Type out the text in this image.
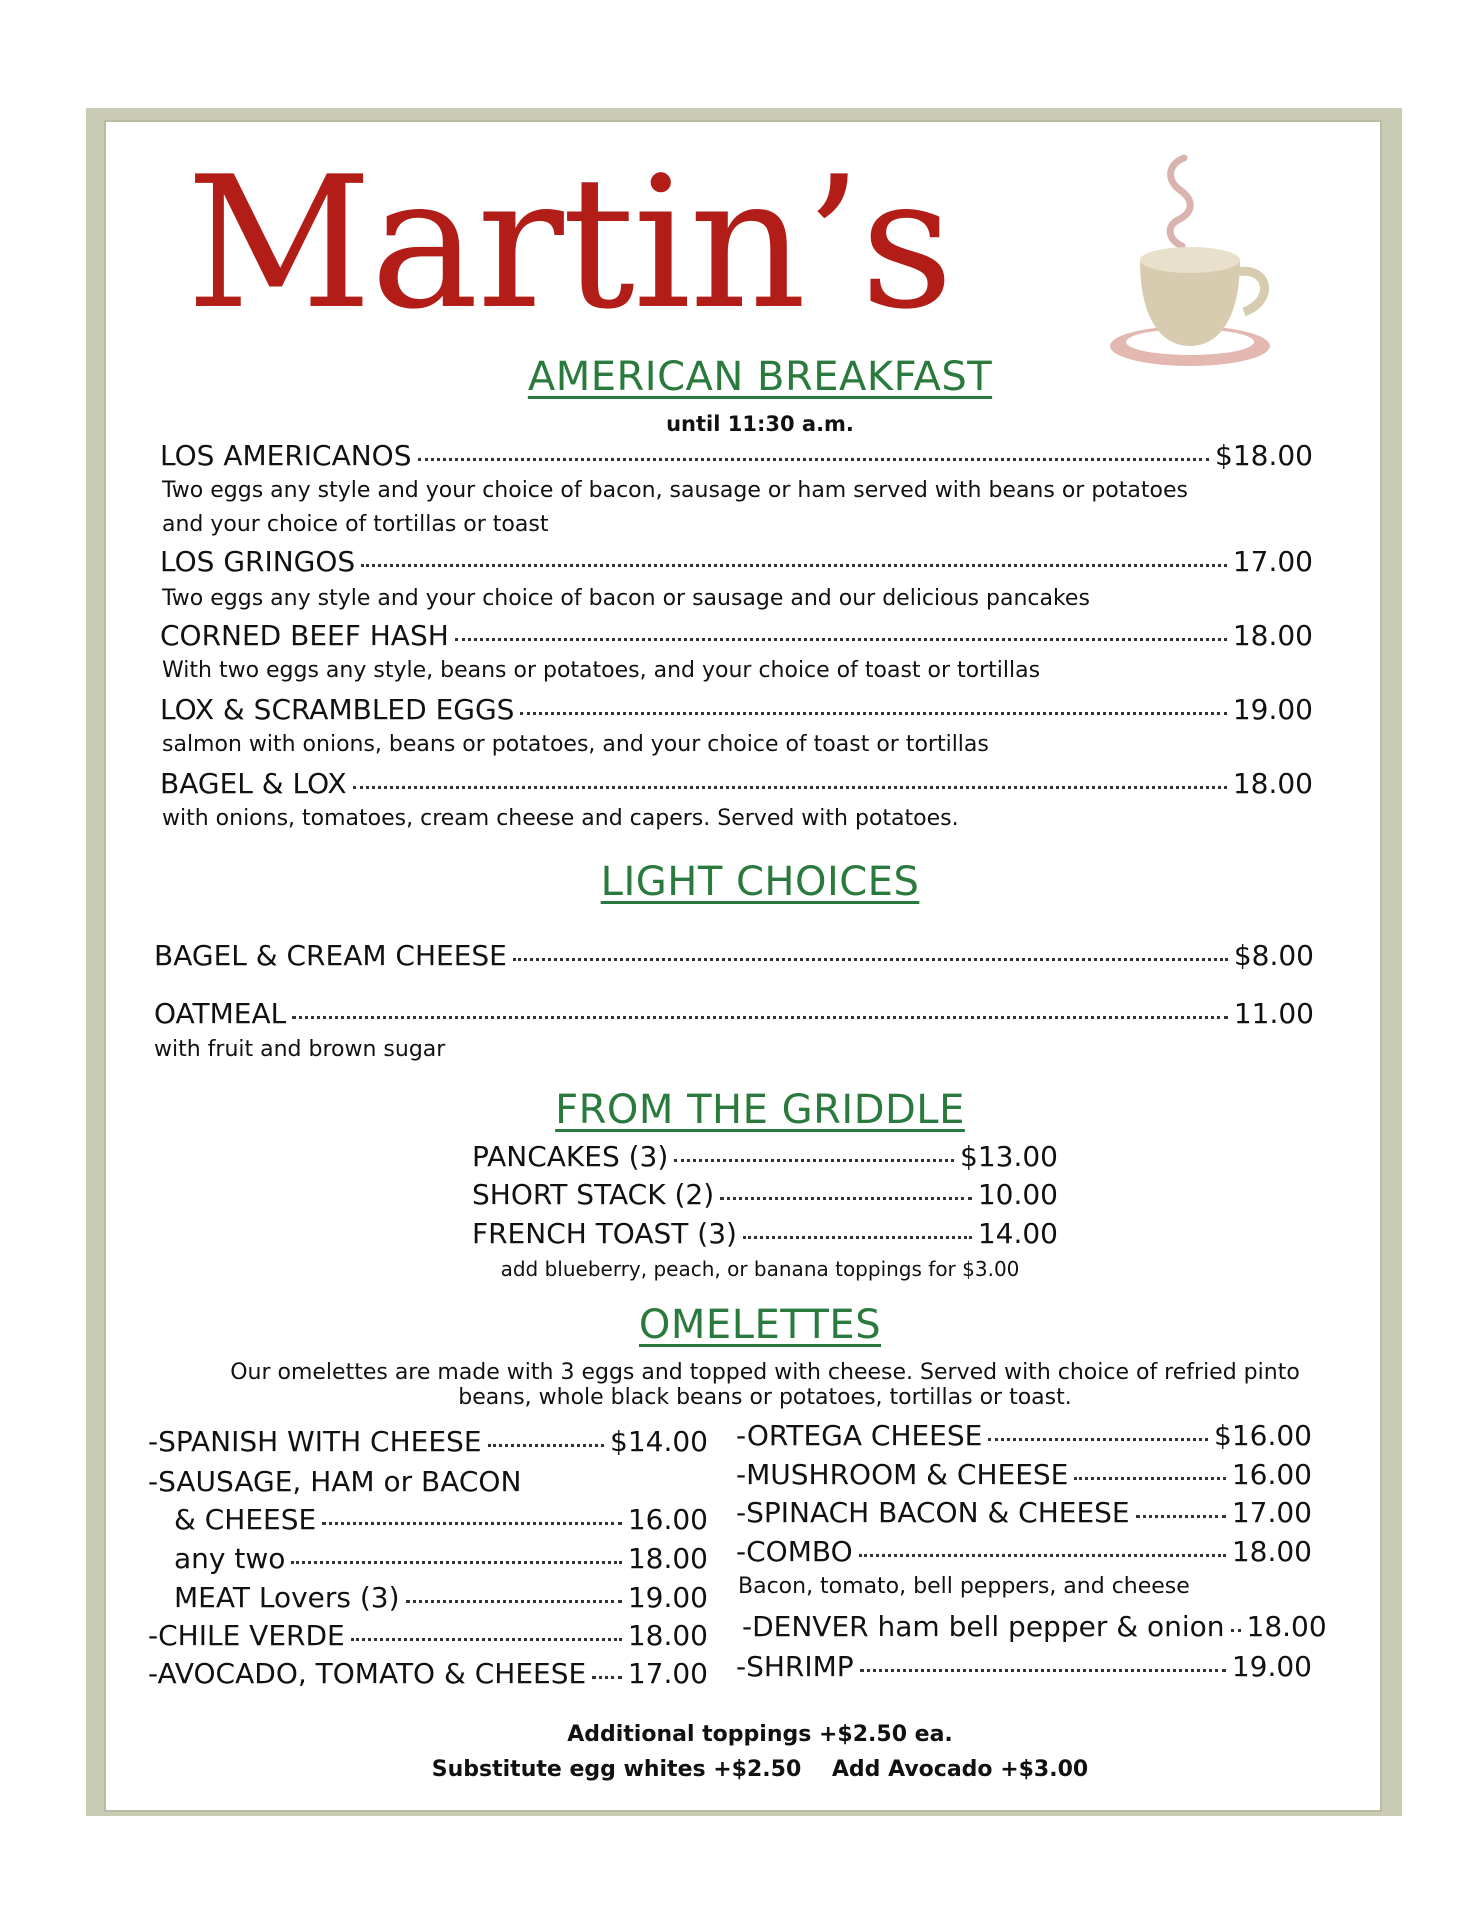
Martin’s
AMERICAN BREAKFAST
until 11:30 a.m.
LOS AMERICANOS	$18.00
Two eggs any style and your choice of bacon, sausage or ham served with beans or potatoes
and your choice of tortillas or toast
LOS GRINGOS	17.00
Two eggs any style and your choice of bacon or sausage and our delicious pancakes
CORNED BEEF HASH	18.00
With two eggs any style, beans or potatoes, and your choice of toast or tortillas
LOX & SCRAMBLED EGGS	19.00
salmon with onions, beans or potatoes, and your choice of toast or tortillas
BAGEL & LOX	18.00
with onions, tomatoes, cream cheese and capers. Served with potatoes.
LIGHT CHOICES
BAGEL & CREAM CHEESE	$8.00
OATMEAL	11.00
with fruit and brown sugar
FROM THE GRIDDLE
PANCAKES (3)	$13.00
SHORT STACK (2)	10.00
FRENCH TOAST (3)	14.00
add blueberry, peach, or banana toppings for $3.00
OMELETTES
Our omelettes are made with 3 eggs and topped with cheese. Served with choice of refried pinto beans, whole black beans or potatoes, tortillas or toast.
-SPANISH WITH CHEESE	$14.00
-SAUSAGE, HAM or BACON
& CHEESE	16.00
any two	18.00
MEAT Lovers (3)	19.00
-CHILE VERDE	18.00
-AVOCADO, TOMATO & CHEESE 17.00
-ORTEGA CHEESE	$16.00
-MUSHROOM & CHEESE	16.00
-SPINACH BACON & CHEESE	17.00
-COMBO	18.00
Bacon, tomato, bell peppers, and cheese
-DENVER ham bell pepper & onion 18.00
-SHRIMP	19.00
Additional toppings +$2.50 ea.
Substitute egg whites +$2.50    Add Avocado +$3.00
